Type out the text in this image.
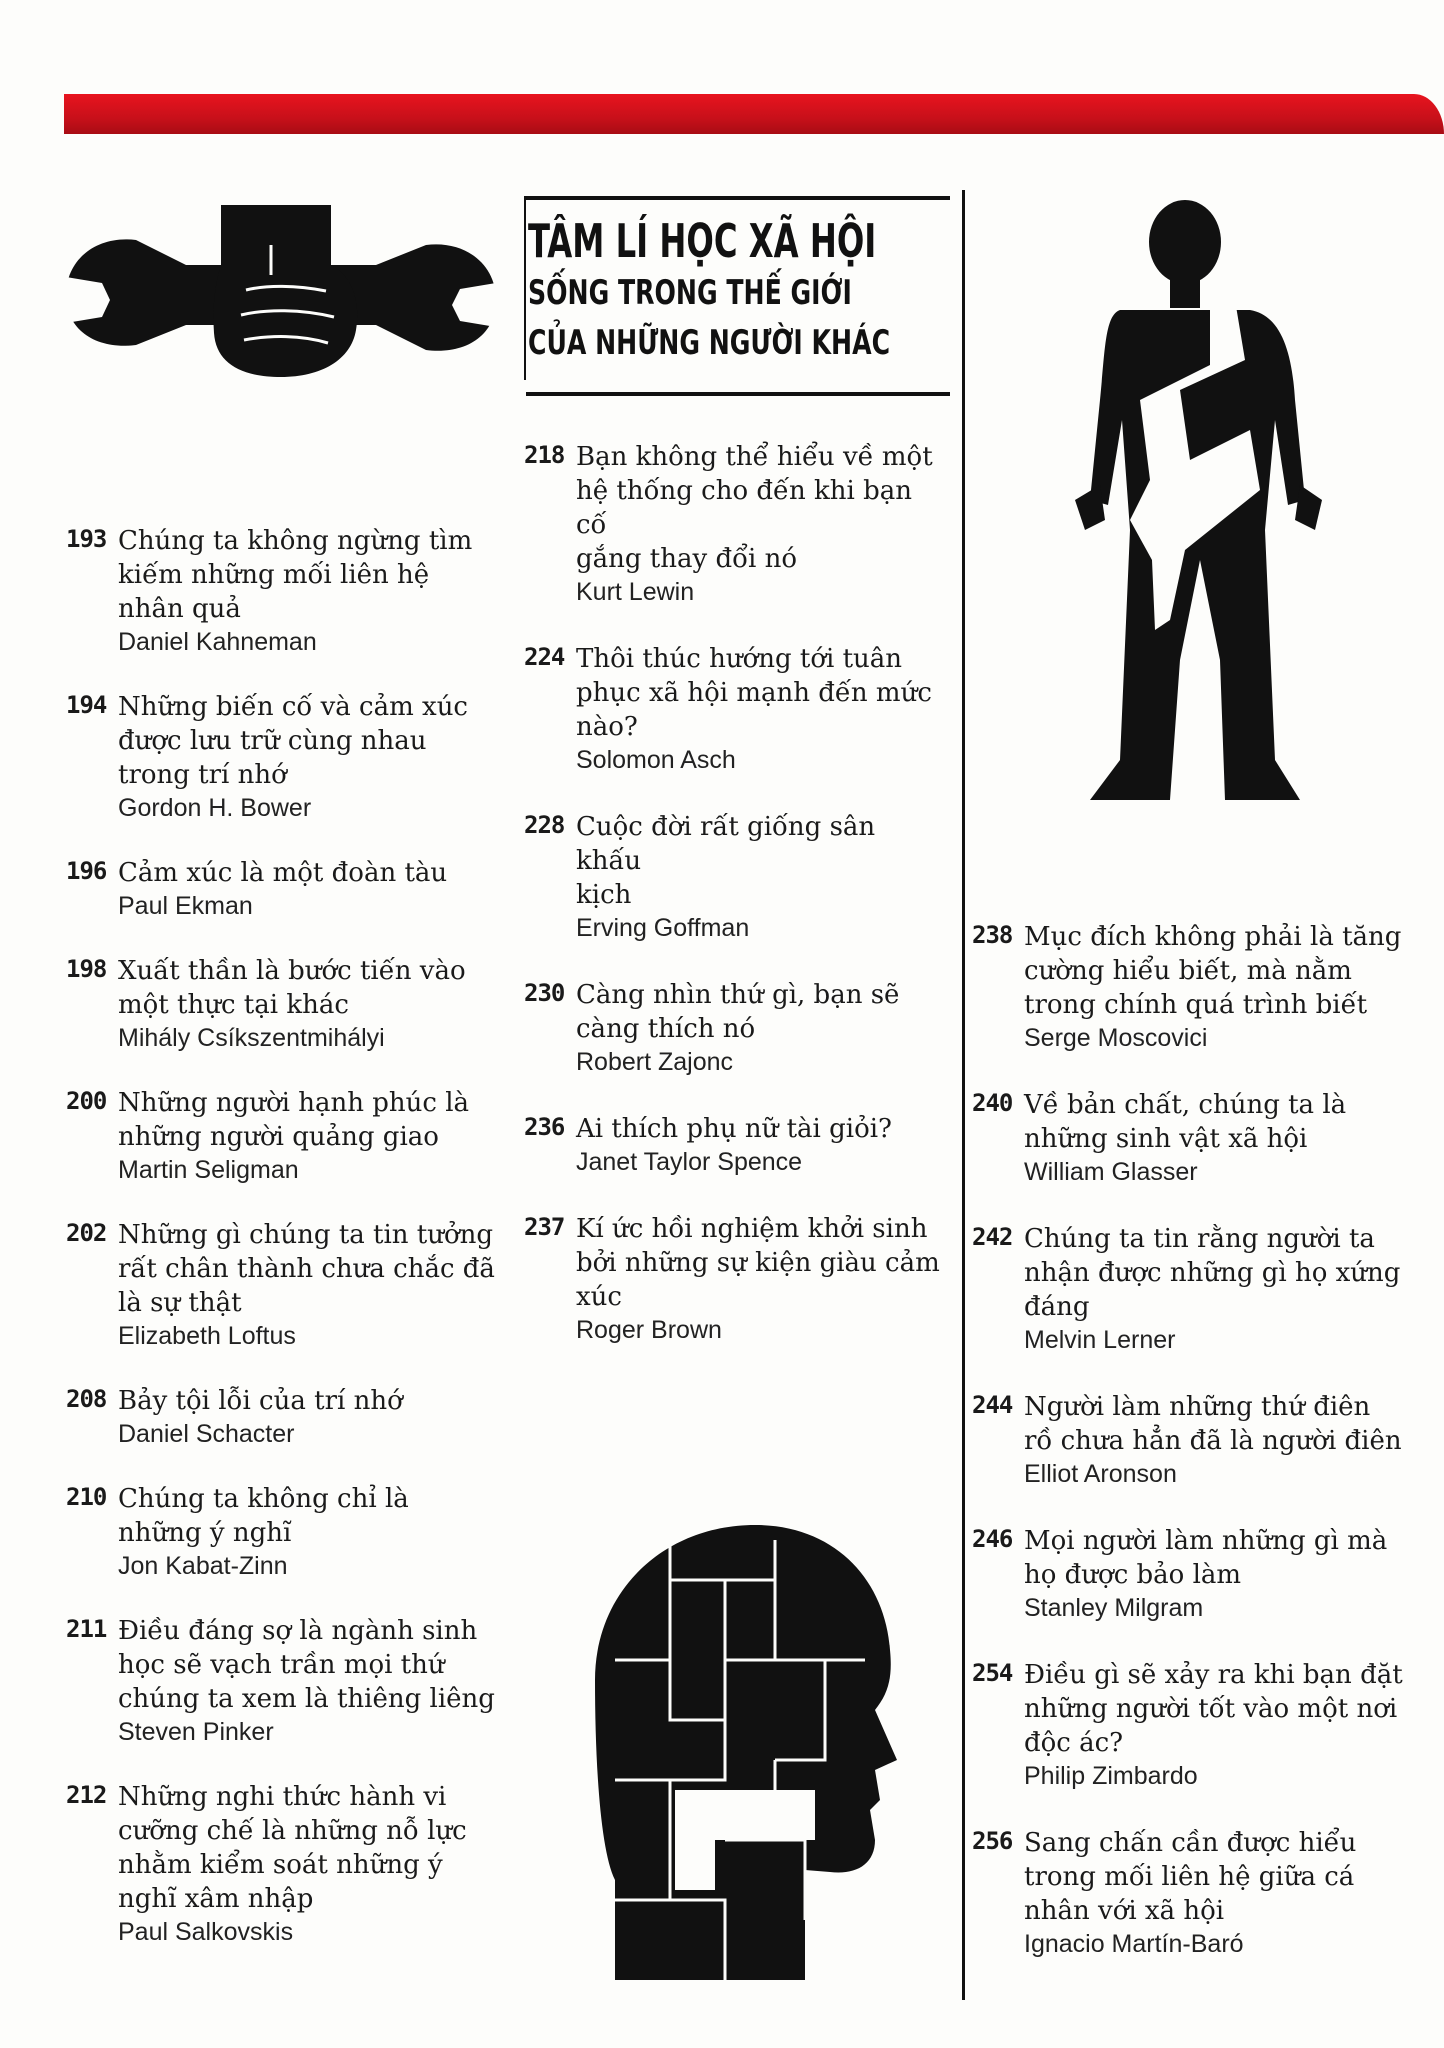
TÂM LÍ HỌC XÃ HỘI
SỐNG TRONG THẾ GIỚI
CỦA NHỮNG NGƯỜI KHÁC
193 Chúng ta không ngừng tìm
kiếm những mối liên hệ
nhân quả
Daniel Kahneman
194 Những biến cố và cảm xúc
được lưu trữ cùng nhau
trong trí nhớ
Gordon H. Bower
196 Cảm xúc là một đoàn tàu
Paul Ekman
198 Xuất thần là bước tiến vào
một thực tại khác
Mihály Csíkszentmihályi
200 Những người hạnh phúc là
những người quảng giao
Martin Seligman
202 Những gì chúng ta tin tưởng
rất chân thành chưa chắc đã
là sự thật
Elizabeth Loftus
208 Bảy tội lỗi của trí nhớ
Daniel Schacter
210 Chúng ta không chỉ là
những ý nghĩ
Jon Kabat-Zinn
211 Điều đáng sợ là ngành sinh
học sẽ vạch trần mọi thứ
chúng ta xem là thiêng liêng
Steven Pinker
212 Những nghi thức hành vi
cưỡng chế là những nỗ lực
nhằm kiểm soát những ý
nghĩ xâm nhập
Paul Salkovskis
218 Bạn không thể hiểu về một
hệ thống cho đến khi bạn cố
gắng thay đổi nó
Kurt Lewin
224 Thôi thúc hướng tới tuân
phục xã hội mạnh đến mức
nào?
Solomon Asch
228 Cuộc đời rất giống sân khấu
kịch
Erving Goffman
230 Càng nhìn thứ gì, bạn sẽ
càng thích nó
Robert Zajonc
236 Ai thích phụ nữ tài giỏi?
Janet Taylor Spence
237 Kí ức hồi nghiệm khởi sinh
bởi những sự kiện giàu cảm
xúc
Roger Brown
238 Mục đích không phải là tăng
cường hiểu biết, mà nằm
trong chính quá trình biết
Serge Moscovici
240 Về bản chất, chúng ta là
những sinh vật xã hội
William Glasser
242 Chúng ta tin rằng người ta
nhận được những gì họ xứng
đáng
Melvin Lerner
244 Người làm những thứ điên
rồ chưa hẳn đã là người điên
Elliot Aronson
246 Mọi người làm những gì mà
họ được bảo làm
Stanley Milgram
254 Điều gì sẽ xảy ra khi bạn đặt
những người tốt vào một nơi
độc ác?
Philip Zimbardo
256 Sang chấn cần được hiểu
trong mối liên hệ giữa cá
nhân với xã hội
Ignacio Martín-Baró
